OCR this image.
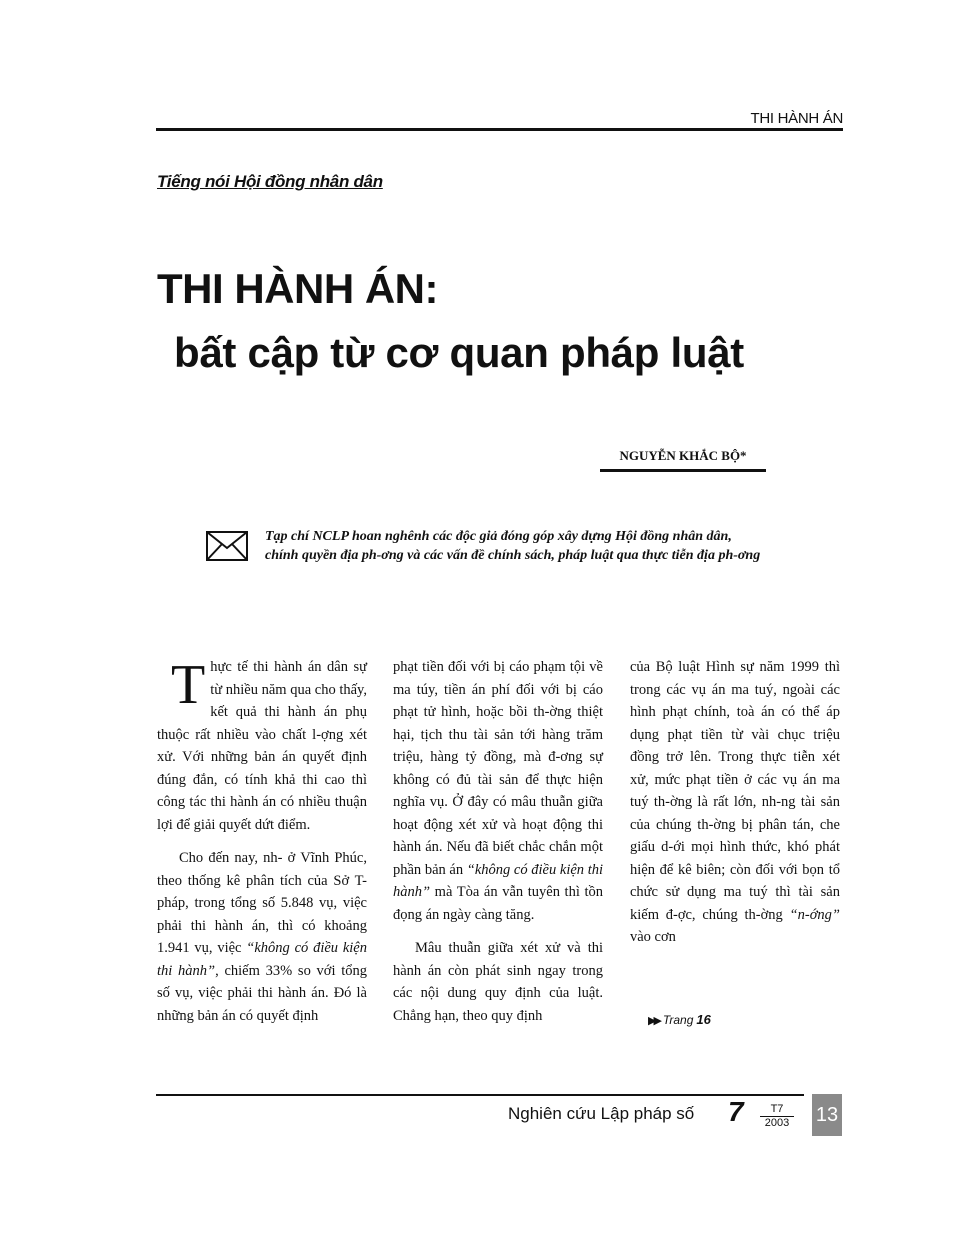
THI HÀNH ÁN
Tiếng nói Hội đồng nhân dân
THI HÀNH ÁN:
bất cập từ cơ quan pháp luật
NGUYỄN KHẮC BỘ*
Tạp chí NCLP hoan nghênh các độc giả đóng góp xây dựng Hội đồng nhân dân, chính quyền địa ph-ơng và các vấn đề chính sách, pháp luật qua thực tiễn địa ph-ơng

Thực tế thi hành án dân sự từ nhiều năm qua cho thấy, kết quả thi hành án phụ thuộc rất nhiều vào chất l-ợng xét xử. Với những bản án quyết định đúng đắn, có tính khả thi cao thì công tác thi hành án có nhiều thuận lợi để giải quyết dứt điểm.

Cho đến nay, nh- ở Vĩnh Phúc, theo thống kê phân tích của Sở T- pháp, trong tổng số 5.848 vụ, việc phải thi hành án, thì có khoảng 1.941 vụ, việc “không có điều kiện thi hành”, chiếm 33% so với tổng số vụ, việc phải thi hành án. Đó là những bản án có quyết định

phạt tiền đối với bị cáo phạm tội về ma túy, tiền án phí đối với bị cáo phạt tử hình, hoặc bồi th-ờng thiệt hại, tịch thu tài sản tới hàng trăm triệu, hàng tỷ đồng, mà đ-ơng sự không có đủ tài sản để thực hiện nghĩa vụ. Ở đây có mâu thuẫn giữa hoạt động xét xử và hoạt động thi hành án. Nếu đã biết chắc chắn một phần bản án “không có điều kiện thi hành” mà Tòa án vẫn tuyên thì tồn đọng án ngày càng tăng.

Mâu thuẫn giữa xét xử và thi hành án còn phát sinh ngay trong các nội dung quy định của luật. Chẳng hạn, theo quy định

của Bộ luật Hình sự năm 1999 thì trong các vụ án ma tuý, ngoài các hình phạt chính, toà án có thể áp dụng phạt tiền từ vài chục triệu đồng trở lên. Trong thực tiễn xét xử, mức phạt tiền ở các vụ án ma tuý th-ờng là rất lớn, nh-ng tài sản của chúng th-ờng bị phân tán, che giấu d-ới mọi hình thức, khó phát hiện để kê biên; còn đối với bọn tổ chức sử dụng ma tuý thì tài sản kiếm đ-ợc, chúng th-ờng “n-ớng” vào cơn

▶▶ Trang 16
Nghiên cứu Lập pháp số 7	T7
2003 13
